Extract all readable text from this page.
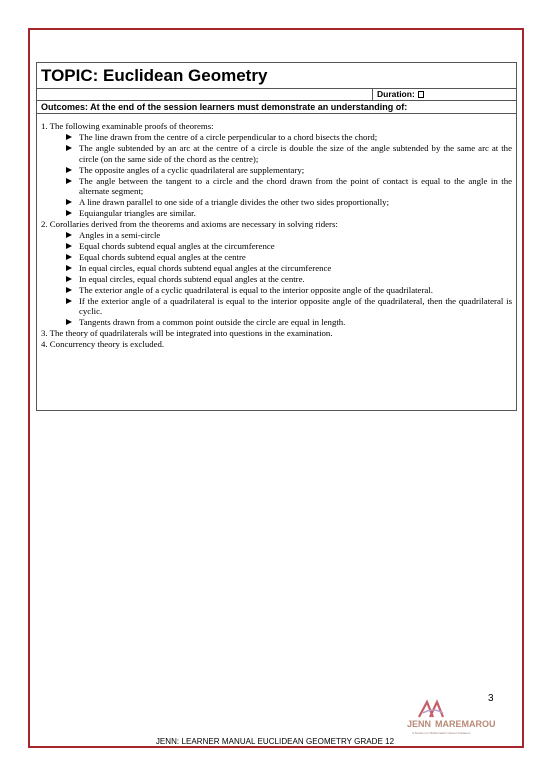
TOPIC: Euclidean Geometry
Duration:
Outcomes: At the end of the session learners must demonstrate an understanding of:

1. The following examinable proofs of theorems:

The line drawn from the centre of a circle perpendicular to a chord bisects the chord;
The angle subtended by an arc at the centre of a circle is double the size of the angle subtended by the same arc at the circle (on the same side of the chord as the centre);
The opposite angles of a cyclic quadrilateral are supplementary;
The angle between the tangent to a circle and the chord drawn from the point of contact is equal to the angle in the alternate segment;
A line drawn parallel to one side of a triangle divides the other two sides proportionally;
Equiangular triangles are similar.

2. Corollaries derived from the theorems and axioms are necessary in solving riders:

Angles in a semi-circle
Equal chords subtend equal angles at the circumference
Equal chords subtend equal angles at the centre
In equal circles, equal chords subtend equal angles at the circumference
In equal circles, equal chords subtend equal angles at the centre.
The exterior angle of a cyclic quadrilateral is equal to the interior opposite angle of the quadrilateral.
If the exterior angle of a quadrilateral is equal to the interior opposite angle of the quadrilateral, then the quadrilateral is cyclic.
Tangents drawn from a common point outside the circle are equal in length.

3. The theory of quadrilaterals will be integrated into questions in the examination.

4. Concurrency theory is excluded.

3
JENN MAREMAROU
A Solution to Mathematics Career Guidance
JENN: LEARNER MANUAL EUCLIDEAN GEOMETRY GRADE 12
